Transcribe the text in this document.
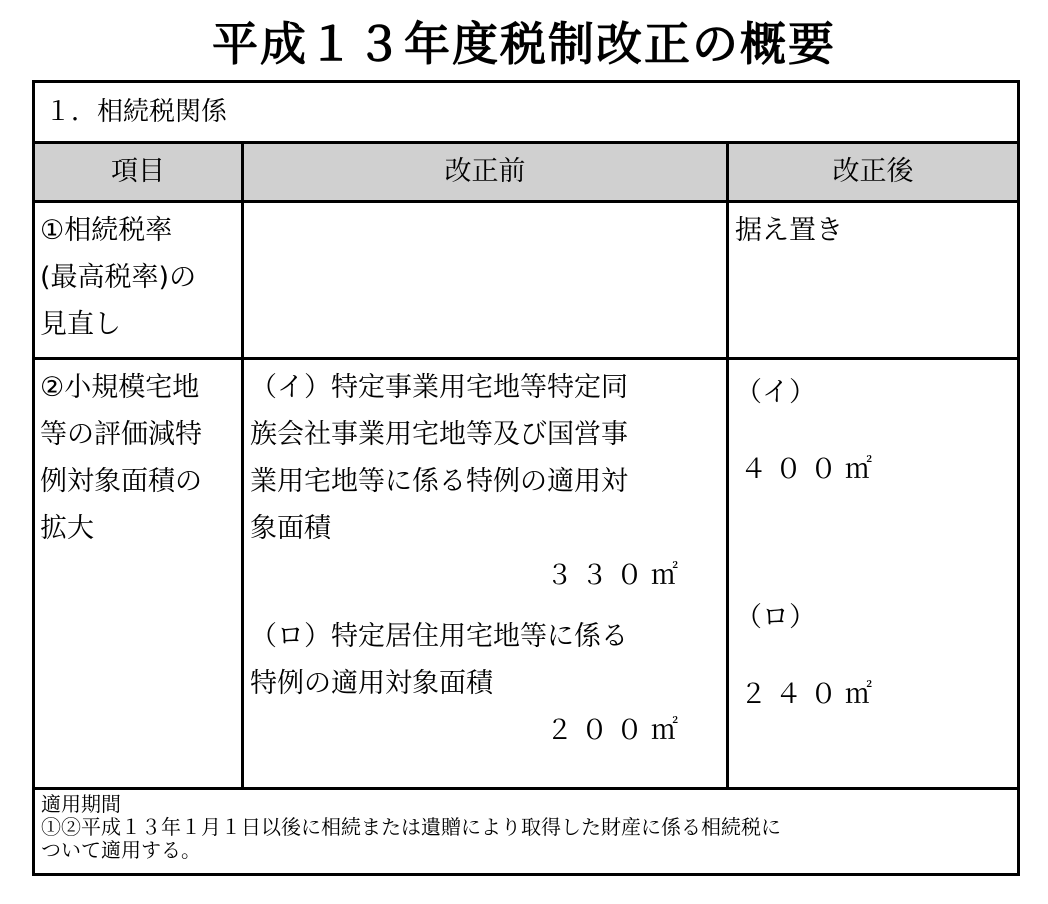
平成１３年度税制改正の概要
１．相続税関係
項目	改正前	改正後
①相続税率
(最高税率)の
見直し
据え置き
②小規模宅地
等の評価減特
例対象面積の
拡大
（イ）特定事業用宅地等特定同
族会社事業用宅地等及び国営事
業用宅地等に係る特例の適用対
象面積
３３０㎡
（ロ）特定居住用宅地等に係る
特例の適用対象面積
２００㎡
（イ）
４００㎡
（ロ）
２４０㎡
適用期間
①②平成１３年１月１日以後に相続または遺贈により取得した財産に係る相続税に
ついて適用する。
